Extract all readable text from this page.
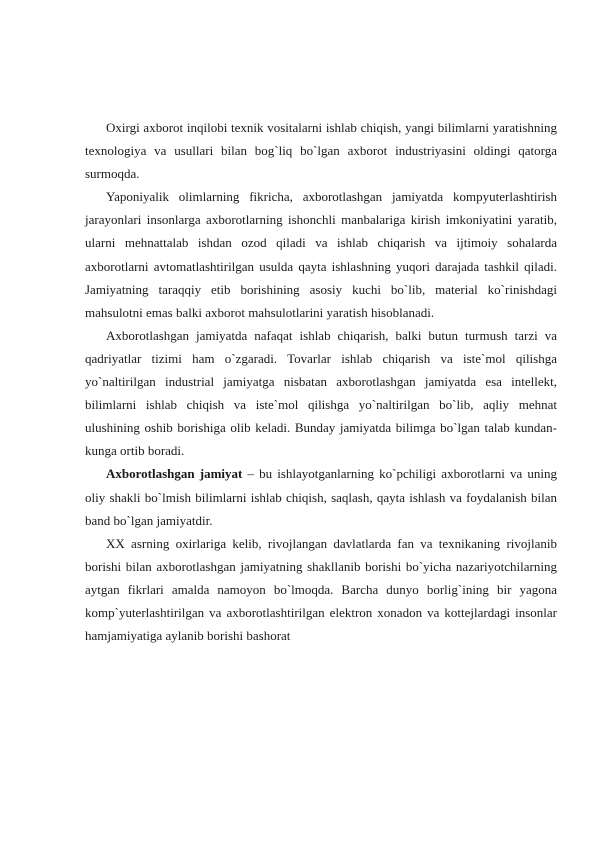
Oxirgi axborot inqilobi texnik vositalarni ishlab chiqish, yangi bilimlarni yaratishning texnologiya va usullari bilan bog`liq bo`lgan axborot industriyasini oldingi qatorga surmoqda.

Yaponiyalik olimlarning fikricha, axborotlashgan jamiyatda kompyuterlashtirish jarayonlari insonlarga axborotlarning ishonchli manbalariga kirish imkoniyatini yaratib, ularni mehnattalab ishdan ozod qiladi va ishlab chiqarish va ijtimoiy sohalarda axborotlarni avtomatlashtirilgan usulda qayta ishlashning yuqori darajada tashkil qiladi. Jamiyatning taraqqiy etib borishining asosiy kuchi bo`lib, material ko`rinishdagi mahsulotni emas balki axborot mahsulotlarini yaratish hisoblanadi.

Axborotlashgan jamiyatda nafaqat ishlab chiqarish, balki butun turmush tarzi va qadriyatlar tizimi ham o`zgaradi. Tovarlar ishlab chiqarish va iste`mol qilishga yo`naltirilgan industrial jamiyatga nisbatan axborotlashgan jamiyatda esa intellekt, bilimlarni ishlab chiqish va iste`mol qilishga yo`naltirilgan bo`lib, aqliy mehnat ulushining oshib borishiga olib keladi. Bunday jamiyatda bilimga bo`lgan talab kundan-kunga ortib boradi.

Axborotlashgan jamiyat – bu ishlayotganlarning ko`pchiligi axborotlarni va uning oliy shakli bo`lmish bilimlarni ishlab chiqish, saqlash, qayta ishlash va foydalanish bilan band bo`lgan jamiyatdir.

XX asrning oxirlariga kelib, rivojlangan davlatlarda fan va texnikaning rivojlanib borishi bilan axborotlashgan jamiyatning shakllanib borishi bo`yicha nazariyotchilarning aytgan fikrlari amalda namoyon bo`lmoqda. Barcha dunyo borlig`ining bir yagona komp`yuterlashtirilgan va axborotlashtirilgan elektron xonadon va kottejlardagi insonlar hamjamiyatiga aylanib borishi bashorat
